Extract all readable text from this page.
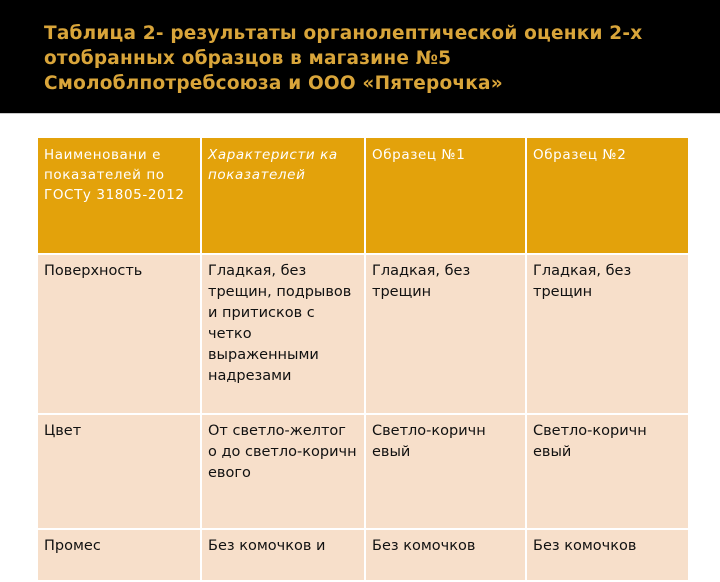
Таблица 2- результаты органолептической оценки 2-х отобранных образцов в магазине №5 Смолоблпотребсоюза и ООО «Пятерочка»
Наименовани е показателей по ГОСТу 31805-2012	Характеристи ка показателей	Образец №1	Образец №2
Поверхность	Гладкая, без трещин, подрывов и притисков с четко выраженными надрезами	Гладкая, без трещин	Гладкая, без трещин
Цвет	От светло-желтог о до светло-коричн евого	Светло-коричн евый	Светло-коричн евый
Промес	Без комочков и	Без комочков	Без комочков
